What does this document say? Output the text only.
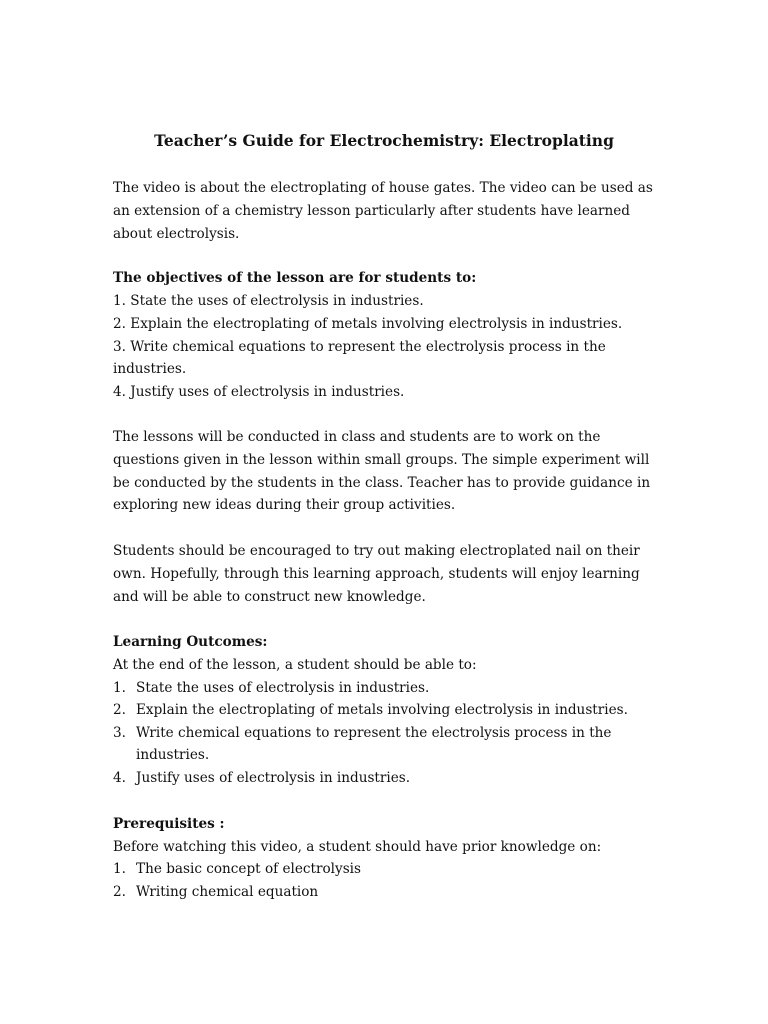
Teacher’s Guide for Electrochemistry: Electroplating
The video is about the electroplating of house gates. The video can be used as
an extension of a chemistry lesson particularly after students have learned
about electrolysis.
The objectives of the lesson are for students to:
1. State the uses of electrolysis in industries.
2. Explain the electroplating of metals involving electrolysis in industries.
3. Write chemical equations to represent the electrolysis process in the
industries.
4. Justify uses of electrolysis in industries.
The lessons will be conducted in class and students are to work on the
questions given in the lesson within small groups. The simple experiment will
be conducted by the students in the class. Teacher has to provide guidance in
exploring new ideas during their group activities.
Students should be encouraged to try out making electroplated nail on their
own. Hopefully, through this learning approach, students will enjoy learning
and will be able to construct new knowledge.
Learning Outcomes:
At the end of the lesson, a student should be able to:
1. State the uses of electrolysis in industries.
2. Explain the electroplating of metals involving electrolysis in industries.
3. Write chemical equations to represent the electrolysis process in the
industries.
4. Justify uses of electrolysis in industries.
Prerequisites :
Before watching this video, a student should have prior knowledge on:
1. The basic concept of electrolysis
2. Writing chemical equation
